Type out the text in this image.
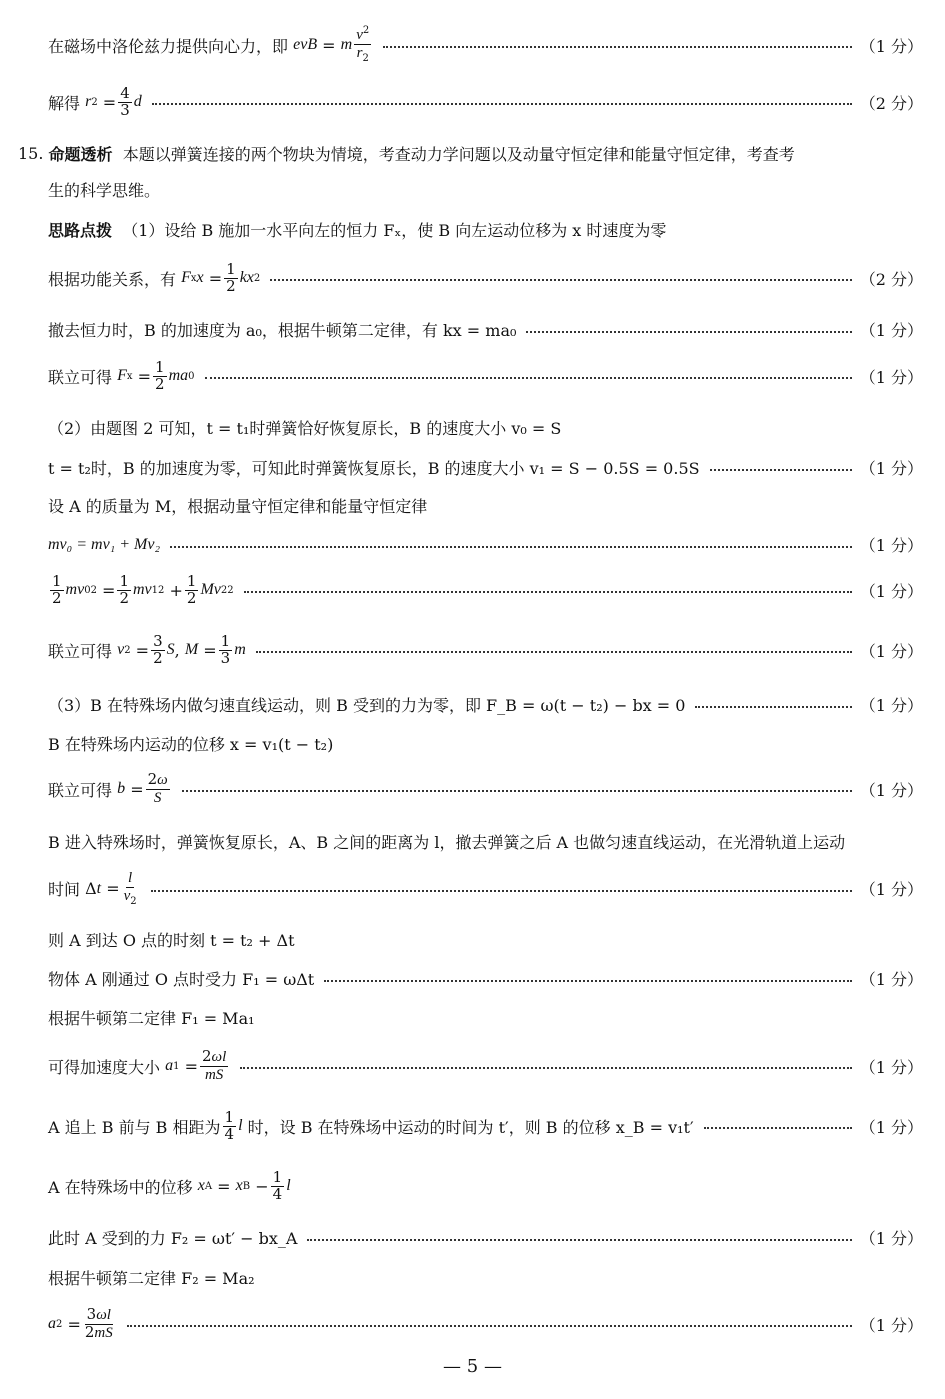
在磁场中洛伦兹力提供向心力，即
evB = m $\frac{v^2}{r_2}$	（1 分）
解得
r $2 = \frac{4}{3}$ d	（2 分）
15.
命题透析
本题以弹簧连接的两个物块为情境，考查动力学问题以及动量守恒定律和能量守恒定律，考查考
生的科学思维。
思路点拨
（1）设给 B 施加一水平向左的恒力 Fₓ，使 B 向左运动位移为 x 时速度为零
根据功能关系，有
F x $x = \frac{1}{2}$ kx 2	（2 分）
撤去恒力时，B 的加速度为 a₀，根据牛顿第二定律，有 kx = ma₀	（1 分）
联立可得
F $x = \frac{1}{2}$ ma 0	（1 分）
（2）由题图 2 可知，t = t₁时弹簧恰好恢复原长，B 的速度大小 v₀ = S
t = t₂时，B 的加速度为零，可知此时弹簧恢复原长，B 的速度大小 v₁ = S − 0.5S = 0.5S	（1 分）
设 A 的质量为 M，根据动量守恒定律和能量守恒定律
mv₀ = mv₁ + Mv₂	（1 分）
$\frac{1}{2}$ mv 0 $2 = \frac{1}{2}$ mv 1 $2 + \frac{1}{2}$ Mv 2 2	（1 分）
联立可得
v $2 = \frac{3}{2}$ S , $M = \frac{1}{3}$ m	（1 分）
（3）B 在特殊场内做匀速直线运动，则 B 受到的力为零，即 F_B = ω(t − t₂) − bx = 0	（1 分）
B 在特殊场内运动的位移 x = v₁(t − t₂)
联立可得
$b = \frac{2\omega}{S}$	（1 分）
B 进入特殊场时，弹簧恢复原长，A、B 之间的距离为 l，撤去弹簧之后 A 也做匀速直线运动，在光滑轨道上运动
时间 Δ $t = \frac{l}{v_2}$	（1 分）
则 A 到达 O 点的时刻 t = t₂ + Δt
物体 A 刚通过 O 点时受力 F₁ = ωΔt	（1 分）
根据牛顿第二定律 F₁ = Ma₁
可得加速度大小
a $1 = \frac{2\omega l}{mS}$	（1 分）
A 追上 B 前与 B 相距为 $\frac{1}{4}$ l
时，设 B 在特殊场中运动的时间为 t′，则 B 的位移 x_B = v₁t′	（1 分）
A 在特殊场中的位移
x A = x $B - \frac{1}{4}$ l
此时 A 受到的力 F₂ = ωt′ − bx_A	（1 分）
根据牛顿第二定律 F₂ = Ma₂
a $2 = \frac{3\omega l}{2mS}$	（1 分）
— 5 —
